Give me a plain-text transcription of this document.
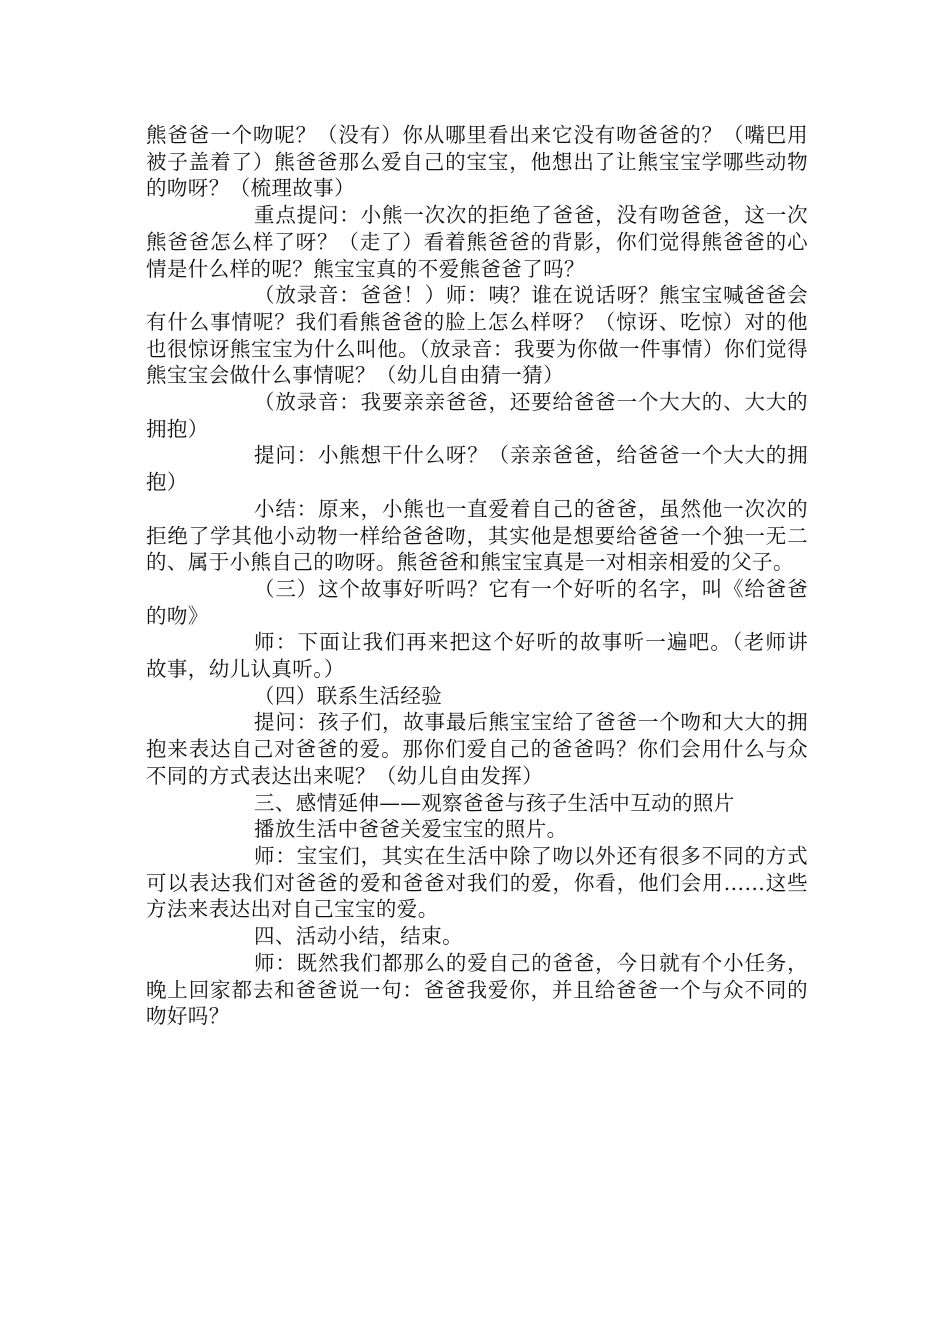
熊爸爸一个吻呢？（没有）你从哪里看出来它没有吻爸爸的？（嘴巴用被子盖着了）熊爸爸那么爱自己的宝宝，他想出了让熊宝宝学哪些动物的吻呀？（梳理故事）

重点提问：小熊一次次的拒绝了爸爸，没有吻爸爸，这一次熊爸爸怎么样了呀？（走了）看着熊爸爸的背影，你们觉得熊爸爸的心情是什么样的呢？熊宝宝真的不爱熊爸爸了吗？

（放录音：爸爸！）师：咦？谁在说话呀？熊宝宝喊爸爸会有什么事情呢？我们看熊爸爸的脸上怎么样呀？（惊讶、吃惊）对的他也很惊讶熊宝宝为什么叫他。（放录音：我要为你做一件事情）你们觉得熊宝宝会做什么事情呢？（幼儿自由猜一猜）

（放录音：我要亲亲爸爸，还要给爸爸一个大大的、大大的拥抱）

提问：小熊想干什么呀？（亲亲爸爸，给爸爸一个大大的拥抱）

小结：原来，小熊也一直爱着自己的爸爸，虽然他一次次的拒绝了学其他小动物一样给爸爸吻，其实他是想要给爸爸一个独一无二的、属于小熊自己的吻呀。熊爸爸和熊宝宝真是一对相亲相爱的父子。

（三）这个故事好听吗？它有一个好听的名字，叫《给爸爸的吻》

师：下面让我们再来把这个好听的故事听一遍吧。（老师讲故事，幼儿认真听。）

（四）联系生活经验

提问：孩子们，故事最后熊宝宝给了爸爸一个吻和大大的拥抱来表达自己对爸爸的爱。那你们爱自己的爸爸吗？你们会用什么与众不同的方式表达出来呢？（幼儿自由发挥）

三、感情延伸——观察爸爸与孩子生活中互动的照片

播放生活中爸爸关爱宝宝的照片。

师：宝宝们，其实在生活中除了吻以外还有很多不同的方式可以表达我们对爸爸的爱和爸爸对我们的爱，你看，他们会用......这些方法来表达出对自己宝宝的爱。

四、活动小结，结束。

师：既然我们都那么的爱自己的爸爸，今日就有个小任务，晚上回家都去和爸爸说一句：爸爸我爱你，并且给爸爸一个与众不同的吻好吗？
